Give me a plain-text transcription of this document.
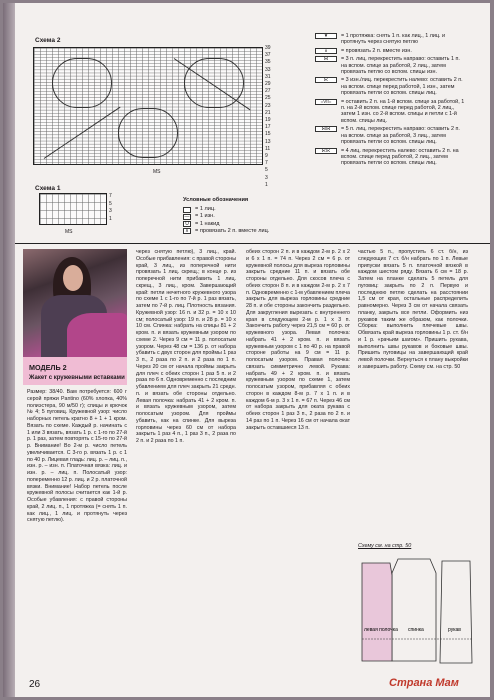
Схема 2
39
37
35
33
31
29
27
25
23
21
19
17
15
13
11
9
7
5
3
1
MS
Схема 1
7
5
3
1
MS
Условные обозначения
= 1 лиц.
— = 1 изн.
U	= 1 накид
∧	= провязать 2 п. вместе лиц.
▼	= 1 протяжка: снять 1 п. как лиц., 1 лиц. и протянуть через снятую петлю
∧	= провязать 2 п. вместе изн.
⋈	= 3 п. лиц. перекрестить направо: оставить 1 п. на вспом. спице за работой, 2 лиц., затем провязать петлю со вспом. спицы изн.
⋉	= 3 изн./лиц. перекрестить налево: оставить 2 п. на вспом. спице перед работой, 1 изн., затем провязать петли со вспом. спицы лиц.
=VII=	= оставить 2 п. на 1-й вспом. спице за работой, 1 п. на 2-й вспом. спице перед работой, 2 лиц., затем 1 изн. со 2-й вспом. спицы и петли с 1-й вспом. спицы лиц.
⋈⋈	= 5 п. лиц. перекрестить направо: оставить 2 п. на вспом. спице за работой, 3 лиц., затем провязать петли со вспом. спицы лиц.
⋉⋉	= 4 лиц. перекрестить налево: оставить 2 п. на вспом. спице перед работой, 2 лиц., затем провязать петли со вспом. спицы лиц.
МОДЕЛЬ 2
Жакет с кружевными вставками
Размер: 38/40. Вам потребуется: 600 г серой пряжи Pantino (60% хлопка, 40% полиэстера, 90 м/50 г); спицы и крючок № 4; 5 пуговиц. Кружевной узор: число наборных петель кратно 8 + 1 + 1 кром. Вязать по схеме. Каждый р. начинать с 1 или 3 вязать, вязать 1 р. с 1-го по 27-й р. 1 раз, затем повторять с 15-го по 27-й р. Внимание! Во 2-м р. число петель увеличивается. С 3-го р. вязать 1 р. с 1 по 40 р. Лицевая гладь: лиц. р. – лиц. п., изн. р. – изн. п. Платочная вязка: лиц. и изн. р. – лиц. п. Полосатый узор: попеременно 12 р. лиц. и 2 р. платочной вязки. Внимание! Набор петель после кружевной полосы считается как 1-й р. Особые убавления: с правой стороны край, 2 лиц. п., 1 протяжка (= снять 1 п. как лиц., 1 лиц. и протянуть через снятую петлю).
через снятую петлю), 3 лиц., край. Особые прибавления: с правой стороны край, 3 лиц., из поперечной нити провязать 1 лиц. скрещ.; в конце р. из поперечной нити прибавить 1 лиц. скрещ., 3 лиц., кром. Завершающий край: петли нечетного кружевного узора по схеме 1 с 1-го по 7-й р. 1 раз вязать, затем по 7-й р. лиц. Плотность вязания. Кружевной узор: 16 п. и 32 р. = 10 х 10 см; полосатый узор: 19 п. и 28 р. = 10 х 10 см. Спинка: набрать на спицы 81 + 2 кром. п. и вязать кружевным узором по схеме 2. Через 9 см = 11 р. полосатым узором. Через 48 см = 136 р. от набора убавить с двух сторон для проймы 1 раз 3 п., 2 раза по 2 п. и 2 раза по 1 п. Через 20 см от начала проймы закрыть для плеч с обеих сторон 1 раз 5 п. и 2 раза по 6 п. Одновременно с последним убавлением для плеч закрыть 21 средн. п. и вязать обе стороны отдельно. Левая полочка: набрать 41 + 2 кром. п. и вязать кружевным узором, затем полосатым узором. Для проймы убавить, как на спинке. Для выреза горловины через 60 см от набора закрыть 1 раз 4 п., 1 раз 3 п., 2 раза по 2 п. и 2 раза по 1 п.
обеих сторон 2 п. и в каждом 2-м р. 2 х 2 и 6 х 1 п. = 74 п. Через 2 см = 6 р. от кружевной полосы для выреза горловины закрыть средние 11 п. и вязать обе стороны отдельно. Для скосов плеча с обеих сторон 8 п. и в каждом 2-м р. 2 х 7 п. Одновременно с 1-м убавлением плеча закрыть для выреза горловины средние 28 п. и обе стороны закончить раздельно. Для закругления вырезать с внутреннего края в следующем 2-м р. 1 х 3 п. Закончить работу через 21,5 см = 60 р. от кружевного узора. Левая полочка: набрать 41 + 2 кром. п. и вязать кружевным узором с 1 по 40 р. на правой стороне работы на 9 см = 11 р. полосатым узором. Правая полочка: связать симметрично левой. Рукава: набрать 49 + 2 кром. п. и вязать кружевным узором по схеме 1, затем полосатым узором, прибавляя с обеих сторон в каждом 8-м р. 7 х 1 п. и в каждом 6-м р. 3 х 1 п. = 67 п. Через 46 см от набора закрыть для оката рукава с обеих сторон 1 раз 3 п., 2 раза по 2 п. и 14 раз по 1 п. Через 16 см от начала окат закрыть оставшиеся 13 п.
частью 5 п., пропустить 6 ст. б/н, из следующих 7 ст. б/н набрать по 1 п. Левые припуски вязать 5 п. платочной вязкой в каждом шестом ряду. Вязать 6 см = 18 р. Затем на планке сделать 5 петель для пуговиц: закрыть по 2 п. Первую и последнюю петлю сделать на расстоянии 1,5 см от края, остальные распределить равномерно. Через 3 см от начала связать планку, закрыть все петли. Оформить низ рукавов таким же образом, как полочки. Сборка: выполнить плечевые швы. Обвязать край выреза горловины 1 р. ст. б/н и 1 р. «рачьим шагом». Пришить рукава, выполнить швы рукавов и боковые швы. Пришить пуговицы на завершающий край левой полочки. Вернуться к плану выкройки и завершить работу. Схему см. на стр. 50
Схему см. на стр. 50
спинка
левая полочка	рукав
26	Страна Мам
